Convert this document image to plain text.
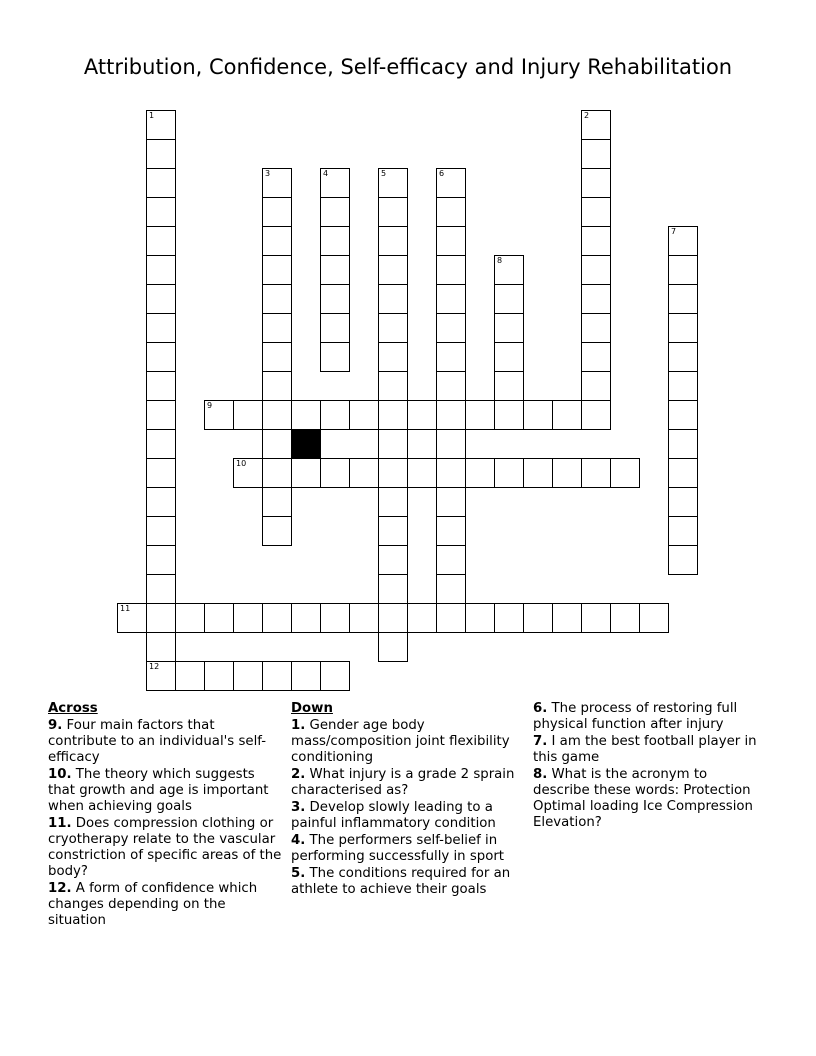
Attribution, Confidence, Self-efficacy and Injury Rehabilitation
1
12
2
3	4	5	6
7
8
9
10
11
Across
9. Four main factors that contribute to an individual's self-efficacy
10. The theory which suggests that growth and age is important when achieving goals
11. Does compression clothing or cryotherapy relate to the vascular constriction of specific areas of the body?
12. A form of confidence which changes depending on the situation
Down
1. Gender age body mass/composition joint flexibility conditioning
2. What injury is a grade 2 sprain characterised as?
3. Develop slowly leading to a painful inflammatory condition
4. The performers self-belief in performing successfully in sport
5. The conditions required for an athlete to achieve their goals
6. The process of restoring full physical function after injury
7. I am the best football player in this game
8. What is the acronym to describe these words: Protection Optimal loading Ice Compression Elevation?
